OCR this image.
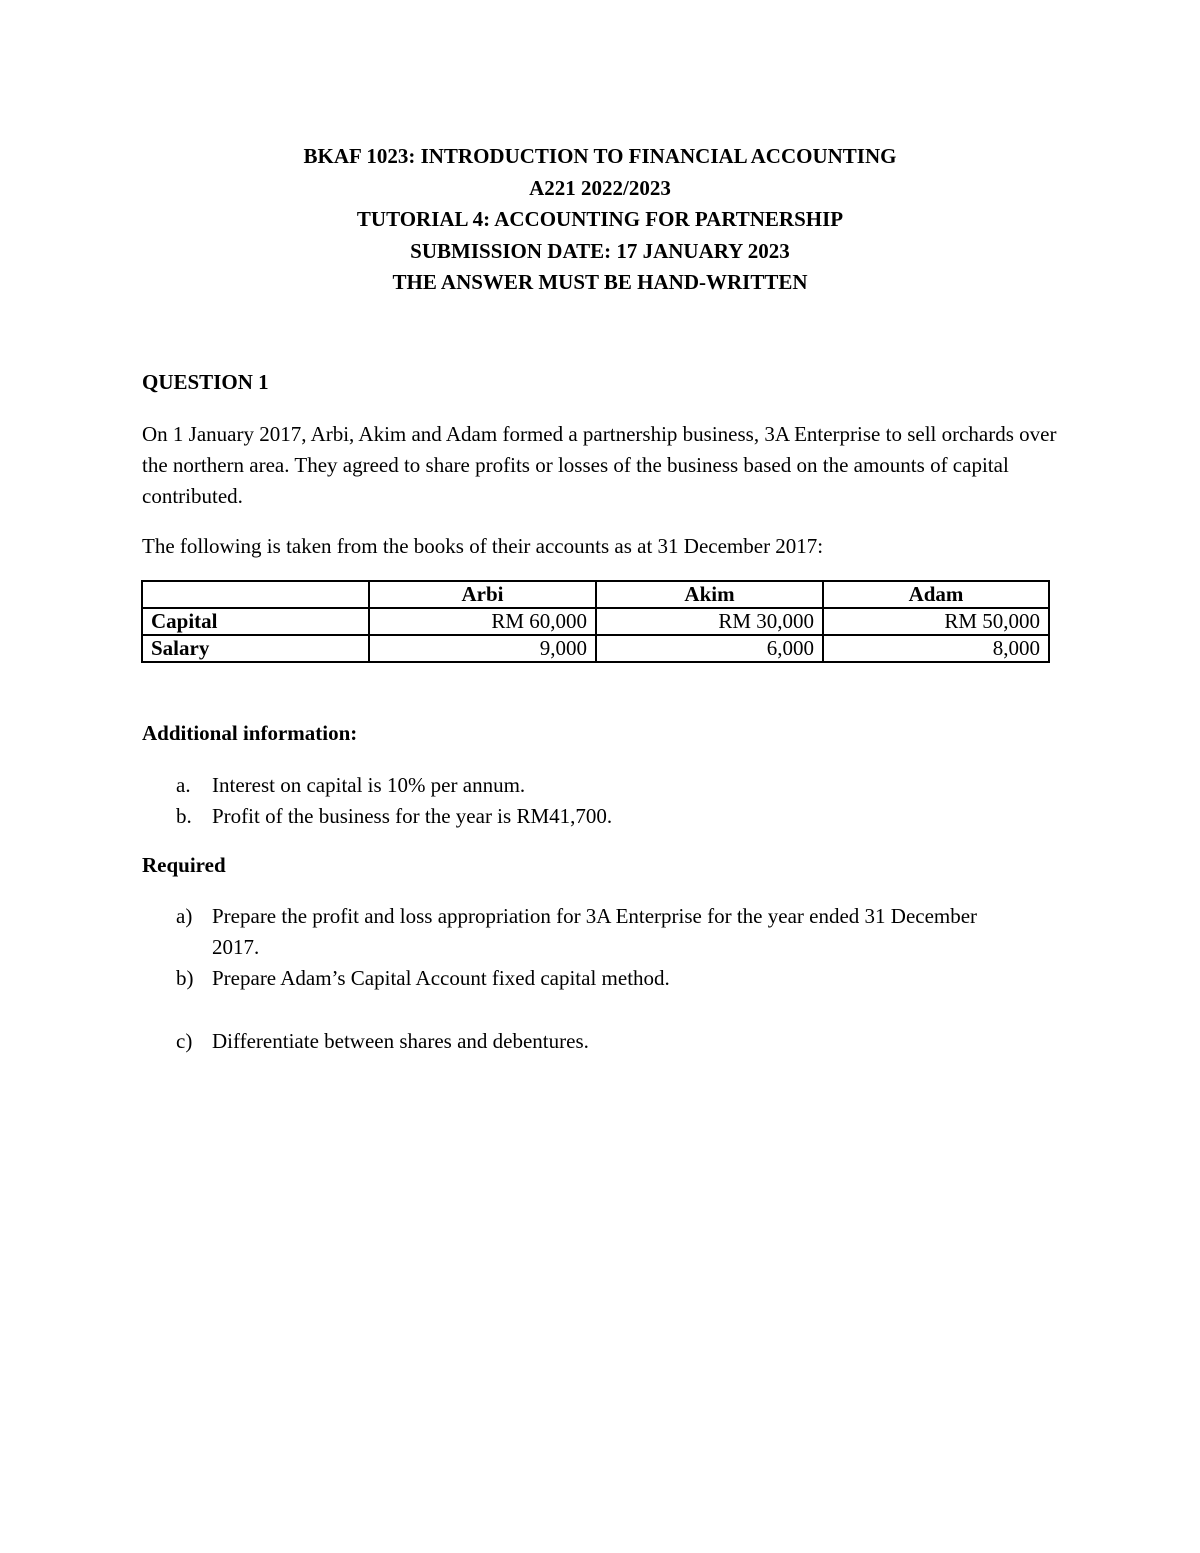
BKAF 1023: INTRODUCTION TO FINANCIAL ACCOUNTING
A221 2022/2023
TUTORIAL 4: ACCOUNTING FOR PARTNERSHIP
SUBMISSION DATE: 17 JANUARY 2023
THE ANSWER MUST BE HAND-WRITTEN
QUESTION 1
On 1 January 2017, Arbi, Akim and Adam formed a partnership business, 3A Enterprise to sell orchards over the northern area. They agreed to share profits or losses of the business based on the amounts of capital contributed.
The following is taken from the books of their accounts as at 31 December 2017:
	Arbi	Akim	Adam
Capital	RM 60,000	RM 30,000	RM 50,000
Salary	9,000	6,000	8,000
Additional information:
a. Interest on capital is 10% per annum.
b. Profit of the business for the year is RM41,700.
Required
a) Prepare the profit and loss appropriation for 3A Enterprise for the year ended 31 December 2017.
b) Prepare Adam’s Capital Account fixed capital method.
c) Differentiate between shares and debentures.
